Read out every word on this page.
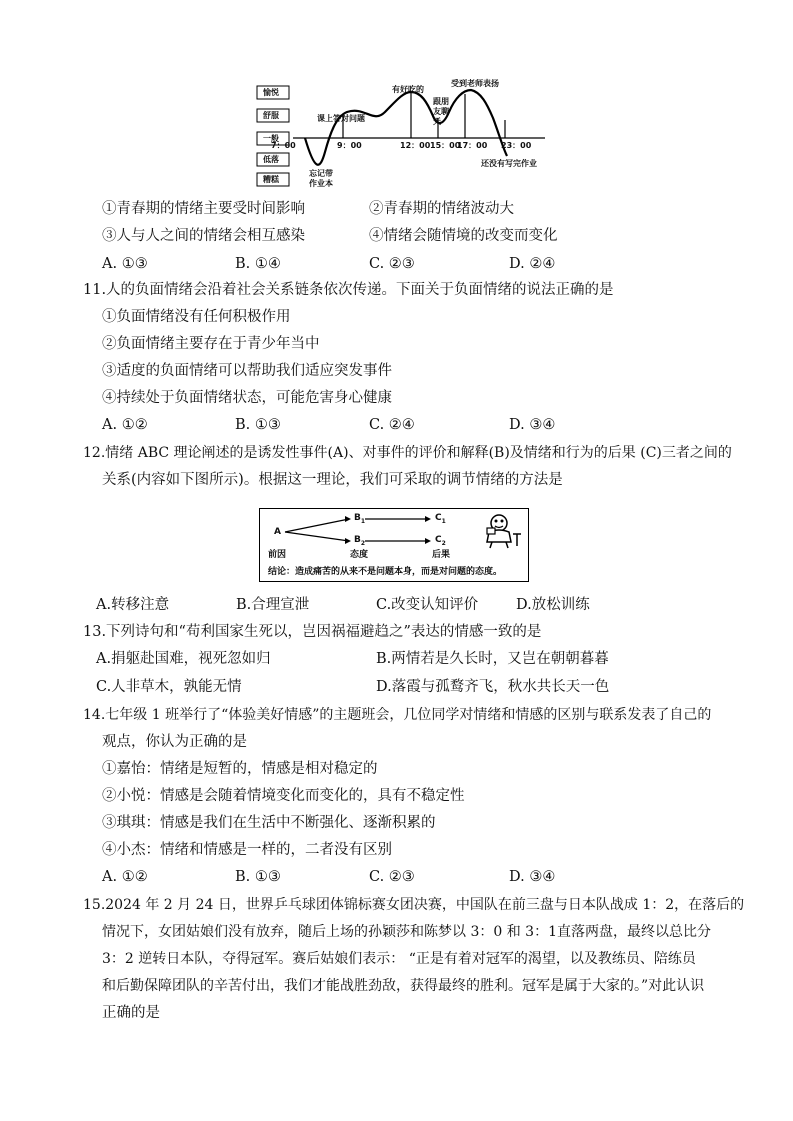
愉悦
舒服
一般
低落
糟糕
7：00	9：00	12：00 15：00
17：00 23：00
课上答对问题
有好吃的
跟 朋
友 聊
天
受到老师表扬
忘记带
作业本
还没有写完作业
①青春期的情绪主要受时间影响	②青春期的情绪波动大
③人与人之间的情绪会相互感染	④情绪会随情境的改变而变化
A. ①③	B. ①④	C. ②③	D. ②④
11.人的负面情绪会沿着社会关系链条依次传递。下面关于负面情绪的说法正确的是
①负面情绪没有任何积极作用
②负面情绪主要存在于青少年当中
③适度的负面情绪可以帮助我们适应突发事件
④持续处于负面情绪状态，可能危害身心健康
A. ①②	B. ①③	C. ②④	D. ③④
12.情绪 ABC 理论阐述的是诱发性事件(A)、对事件的评价和解释(B)及情绪和行为的后果 (C)三者之间的
关系(内容如下图所示)。根据这一理论，我们可采取的调节情绪的方法是
A
$B_1$	$C_1$
$B_2$	$C_2$
前因	态度	后果
结论：造成痛苦的从来不是问题本身，而是对问题的态度。
A.转移注意	B.合理宣泄	C.改变认知评价	D.放松训练
13.下列诗句和“苟利国家生死以，岂因祸福避趋之”表达的情感一致的是
A.捐躯赴国难，视死忽如归	B.两情若是久长时，又岂在朝朝暮暮
C.人非草木，孰能无情	D.落霞与孤鹜齐飞，秋水共长天一色
14.七年级 1 班举行了“体验美好情感”的主题班会，几位同学对情绪和情感的区别与联系发表了自己的
观点，你认为正确的是
①嘉怡：情绪是短暂的，情感是相对稳定的
②小悦：情感是会随着情境变化而变化的，具有不稳定性
③琪琪：情感是我们在生活中不断强化、逐渐积累的
④小杰：情绪和情感是一样的，二者没有区别
A. ①②	B. ①③	C. ②③	D. ③④
15.2024 年 2 月 24 日，世界乒乓球团体锦标赛女团决赛，中国队在前三盘与日本队战成 1：2，在落后的
情况下，女团姑娘们没有放弃，随后上场的孙颖莎和陈梦以 3：0 和 3：1直落两盘，最终以总比分
3：2 逆转日本队，夺得冠军。赛后姑娘们表示： “正是有着对冠军的渴望，以及教练员、陪练员
和后勤保障团队的辛苦付出，我们才能战胜劲敌，获得最终的胜利。冠军是属于大家的。”对此认识
正确的是
